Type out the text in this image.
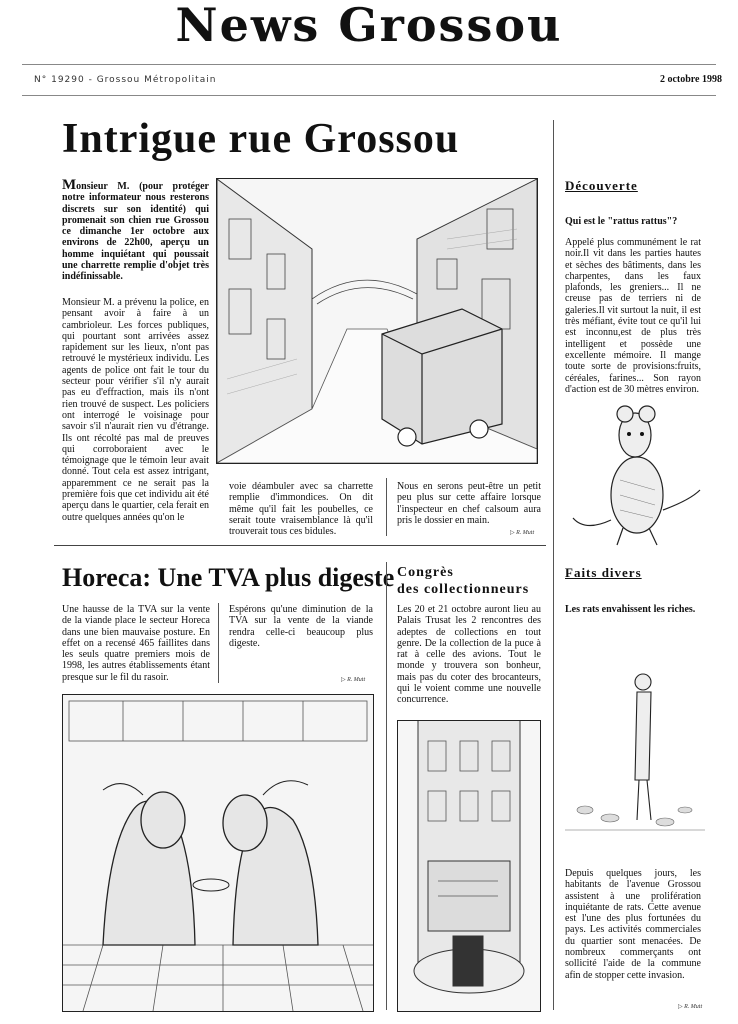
News Grossou
N° 19290 - Grossou Métropolitain	2 octobre 1998
Intrigue rue Grossou

Monsieur M. (pour protéger notre informateur nous resterons discrets sur son identité) qui promenait son chien rue Grossou ce dimanche 1er octobre aux environs de 22h00, aperçu un homme inquiétant qui poussait une charrette remplie d'objet très indéfinissable.

Monsieur M. a prévenu la police, en pensant avoir à faire à un cambrioleur. Les forces publiques, qui pourtant sont arrivées assez rapidement sur les lieux, n'ont pas retrouvé le mystérieux individu. Les agents de police ont fait le tour du secteur pour vérifier s'il n'y aurait pas eu d'effraction, mais ils n'ont rien trouvé de suspect. Les policiers ont interrogé le voisinage pour savoir s'il n'aurait rien vu d'étrange. Ils ont récolté pas mal de preuves qui corroboraient avec le témoignage que le témoin leur avait donné. Tout cela est assez intrigant, apparemment ce ne serait pas la première fois que cet individu ait été aperçu dans le quartier, cela ferait en outre quelques années qu'on le

voie déambuler avec sa charrette remplie d'immondices. On dit même qu'il fait les poubelles, ce serait toute vraisemblance là qu'il trouverait tous ces bidules.

Nous en serons peut-être un petit peu plus sur cette affaire lorsque l'inspecteur en chef calsoum aura pris le dossier en main.

▷ R. Mutt
Découverte
Qui est le "rattus rattus"?

Appelé plus communément le rat noir.Il vit dans les parties hautes et sèches des bâtiments, dans les charpentes, dans les faux plafonds, les greniers... Il ne creuse pas de terriers ni de galeries.Il vit surtout la nuit, il est très méfiant, évite tout ce qu'il lui est inconnu,est de plus très intelligent et possède une excellente mémoire. Il mange toute sorte de provisions:fruits, céréales, farines... Son rayon d'action est de 30 mètres environ.

Horeca: Une TVA plus digeste

Une hausse de la TVA sur la vente de la viande place le secteur Horeca dans une bien mauvaise posture. En effet on a recensé 465 faillites dans les seuls quatre premiers mois de 1998, les autres établissements étant presque sur le fil du rasoir.

Espérons qu'une diminution de la TVA sur la vente de la viande rendra celle-ci beaucoup plus digeste.

▷ R. Mutt
Congrès
des collectionneurs

Les 20 et 21 octobre auront lieu au Palais Trusat les 2 rencontres des adeptes de collections en tout genre. De la collection de la puce à rat à celle des avions. Tout le monde y trouvera son bonheur, mais pas du coter des brocanteurs, qui le voient comme une nouvelle concurrence.

Faits divers
Les rats envahissent les riches.

Depuis quelques jours, les habitants de l'avenue Grossou assistent à une prolifération inquiétante de rats. Cette avenue est l'une des plus fortunées du pays. Les activités commerciales du quartier sont menacées. De nombreux commerçants ont sollicité l'aide de la commune afin de stopper cette invasion.

▷ R. Mutt
